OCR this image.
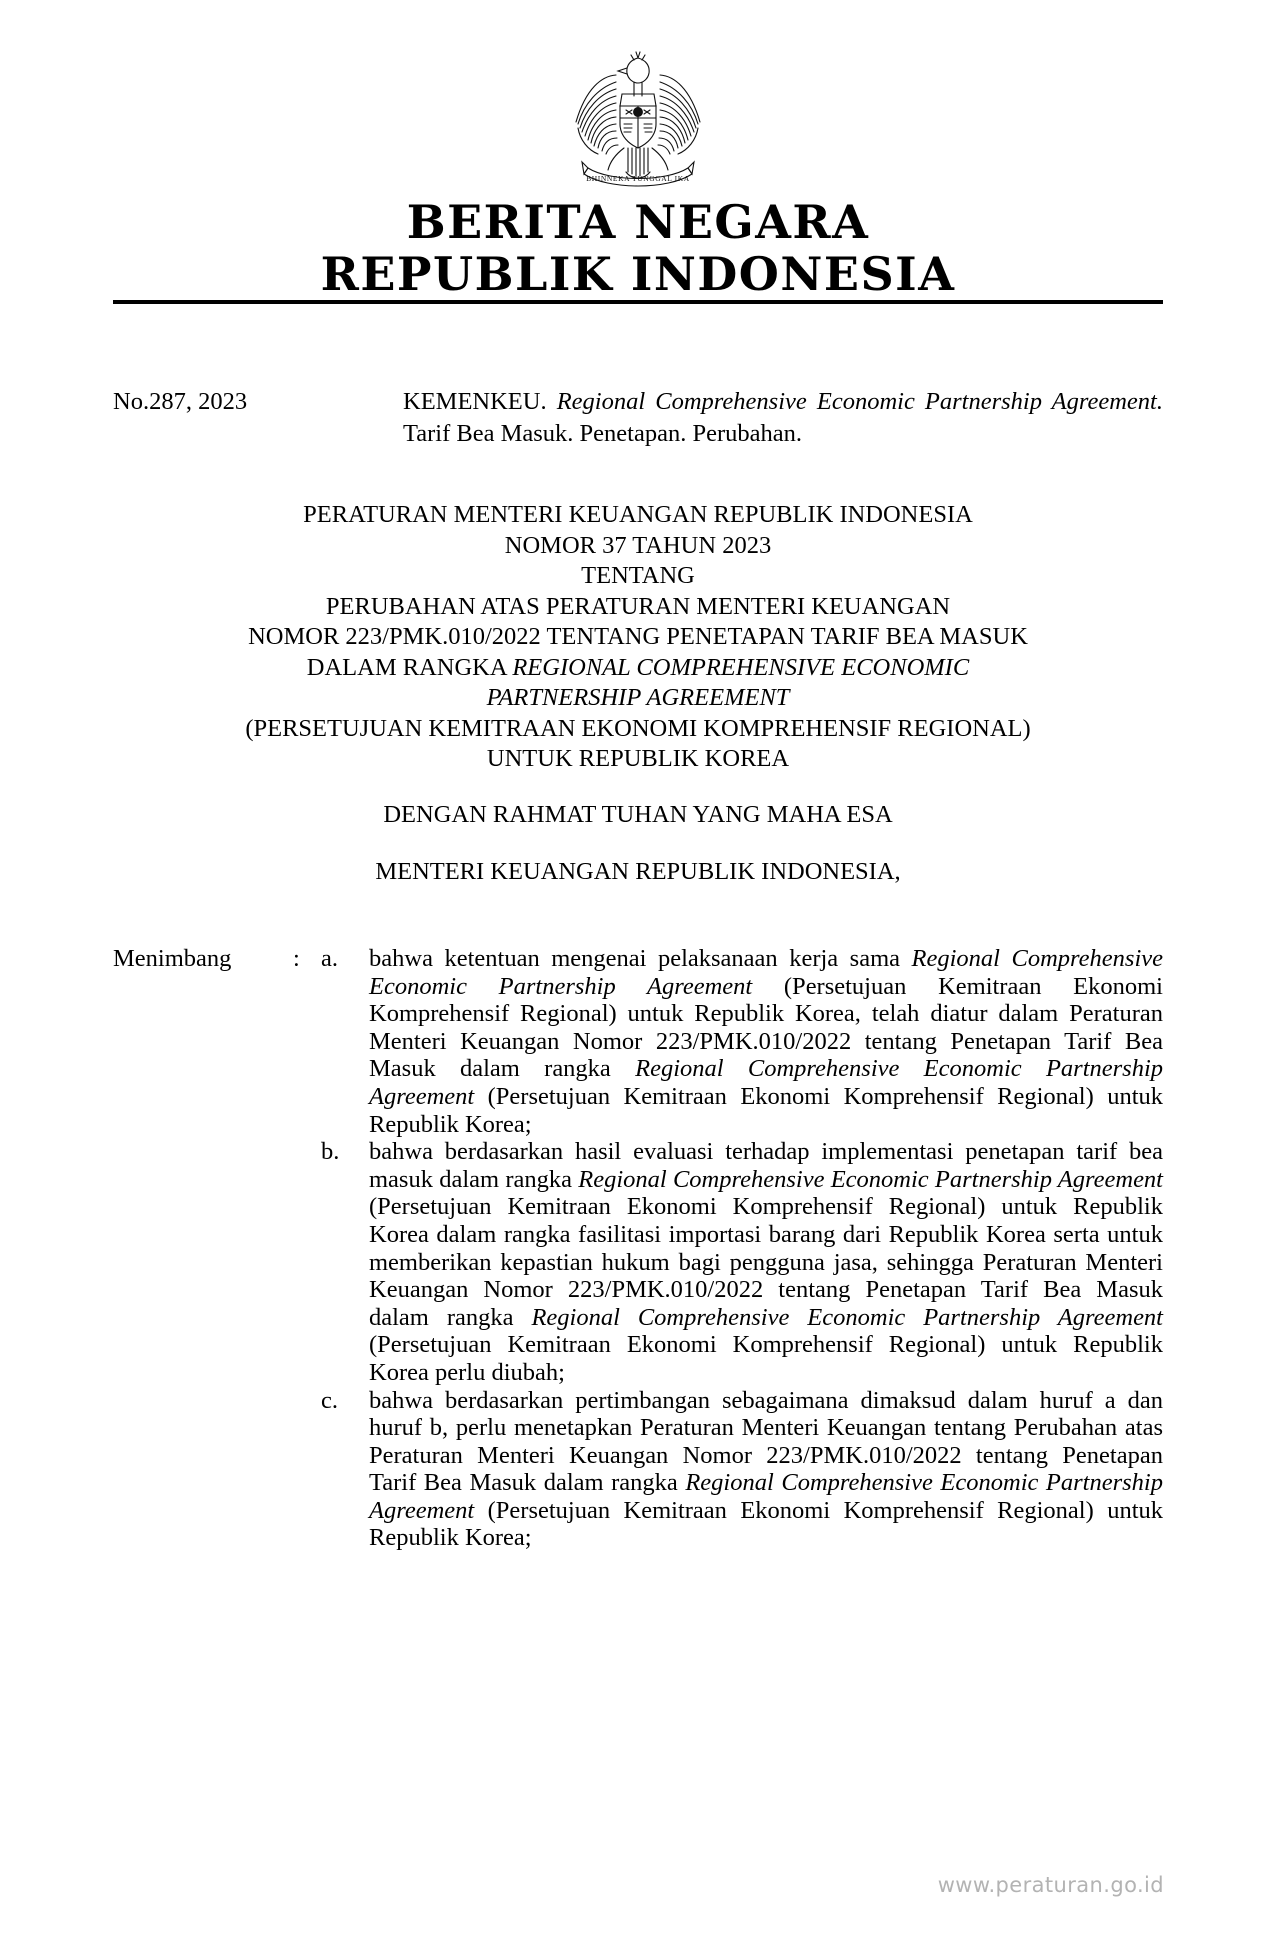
BHINNEKA TUNGGAL IKA
BERITA NEGARA
REPUBLIK INDONESIA
No.287, 2023	KEMENKEU. Regional Comprehensive Economic Partnership Agreement. Tarif Bea Masuk. Penetapan. Perubahan.
PERATURAN MENTERI KEUANGAN REPUBLIK INDONESIA
NOMOR 37 TAHUN 2023
TENTANG
PERUBAHAN ATAS PERATURAN MENTERI KEUANGAN
NOMOR 223/PMK.010/2022 TENTANG PENETAPAN TARIF BEA MASUK
DALAM RANGKA REGIONAL COMPREHENSIVE ECONOMIC
PARTNERSHIP AGREEMENT
(PERSETUJUAN KEMITRAAN EKONOMI KOMPREHENSIF REGIONAL)
UNTUK REPUBLIK KOREA
DENGAN RAHMAT TUHAN YANG MAHA ESA
MENTERI KEUANGAN REPUBLIK INDONESIA,
Menimbang	: a.	bahwa ketentuan mengenai pelaksanaan kerja sama Regional Comprehensive Economic Partnership Agreement (Persetujuan Kemitraan Ekonomi Komprehensif Regional) untuk Republik Korea, telah diatur dalam Peraturan Menteri Keuangan Nomor 223/PMK.010/2022 tentang Penetapan Tarif Bea Masuk dalam rangka Regional Comprehensive Economic Partnership Agreement (Persetujuan Kemitraan Ekonomi Komprehensif Regional) untuk Republik Korea;
b.	bahwa berdasarkan hasil evaluasi terhadap implementasi penetapan tarif bea masuk dalam rangka Regional Comprehensive Economic Partnership Agreement (Persetujuan Kemitraan Ekonomi Komprehensif Regional) untuk Republik Korea dalam rangka fasilitasi importasi barang dari Republik Korea serta untuk memberikan kepastian hukum bagi pengguna jasa, sehingga Peraturan Menteri Keuangan Nomor 223/PMK.010/2022 tentang Penetapan Tarif Bea Masuk dalam rangka Regional Comprehensive Economic Partnership Agreement (Persetujuan Kemitraan Ekonomi Komprehensif Regional) untuk Republik Korea perlu diubah;
c.	bahwa berdasarkan pertimbangan sebagaimana dimaksud dalam huruf a dan huruf b, perlu menetapkan Peraturan Menteri Keuangan tentang Perubahan atas Peraturan Menteri Keuangan Nomor 223/PMK.010/2022 tentang Penetapan Tarif Bea Masuk dalam rangka Regional Comprehensive Economic Partnership Agreement (Persetujuan Kemitraan Ekonomi Komprehensif Regional) untuk Republik Korea;
www.peraturan.go.id
